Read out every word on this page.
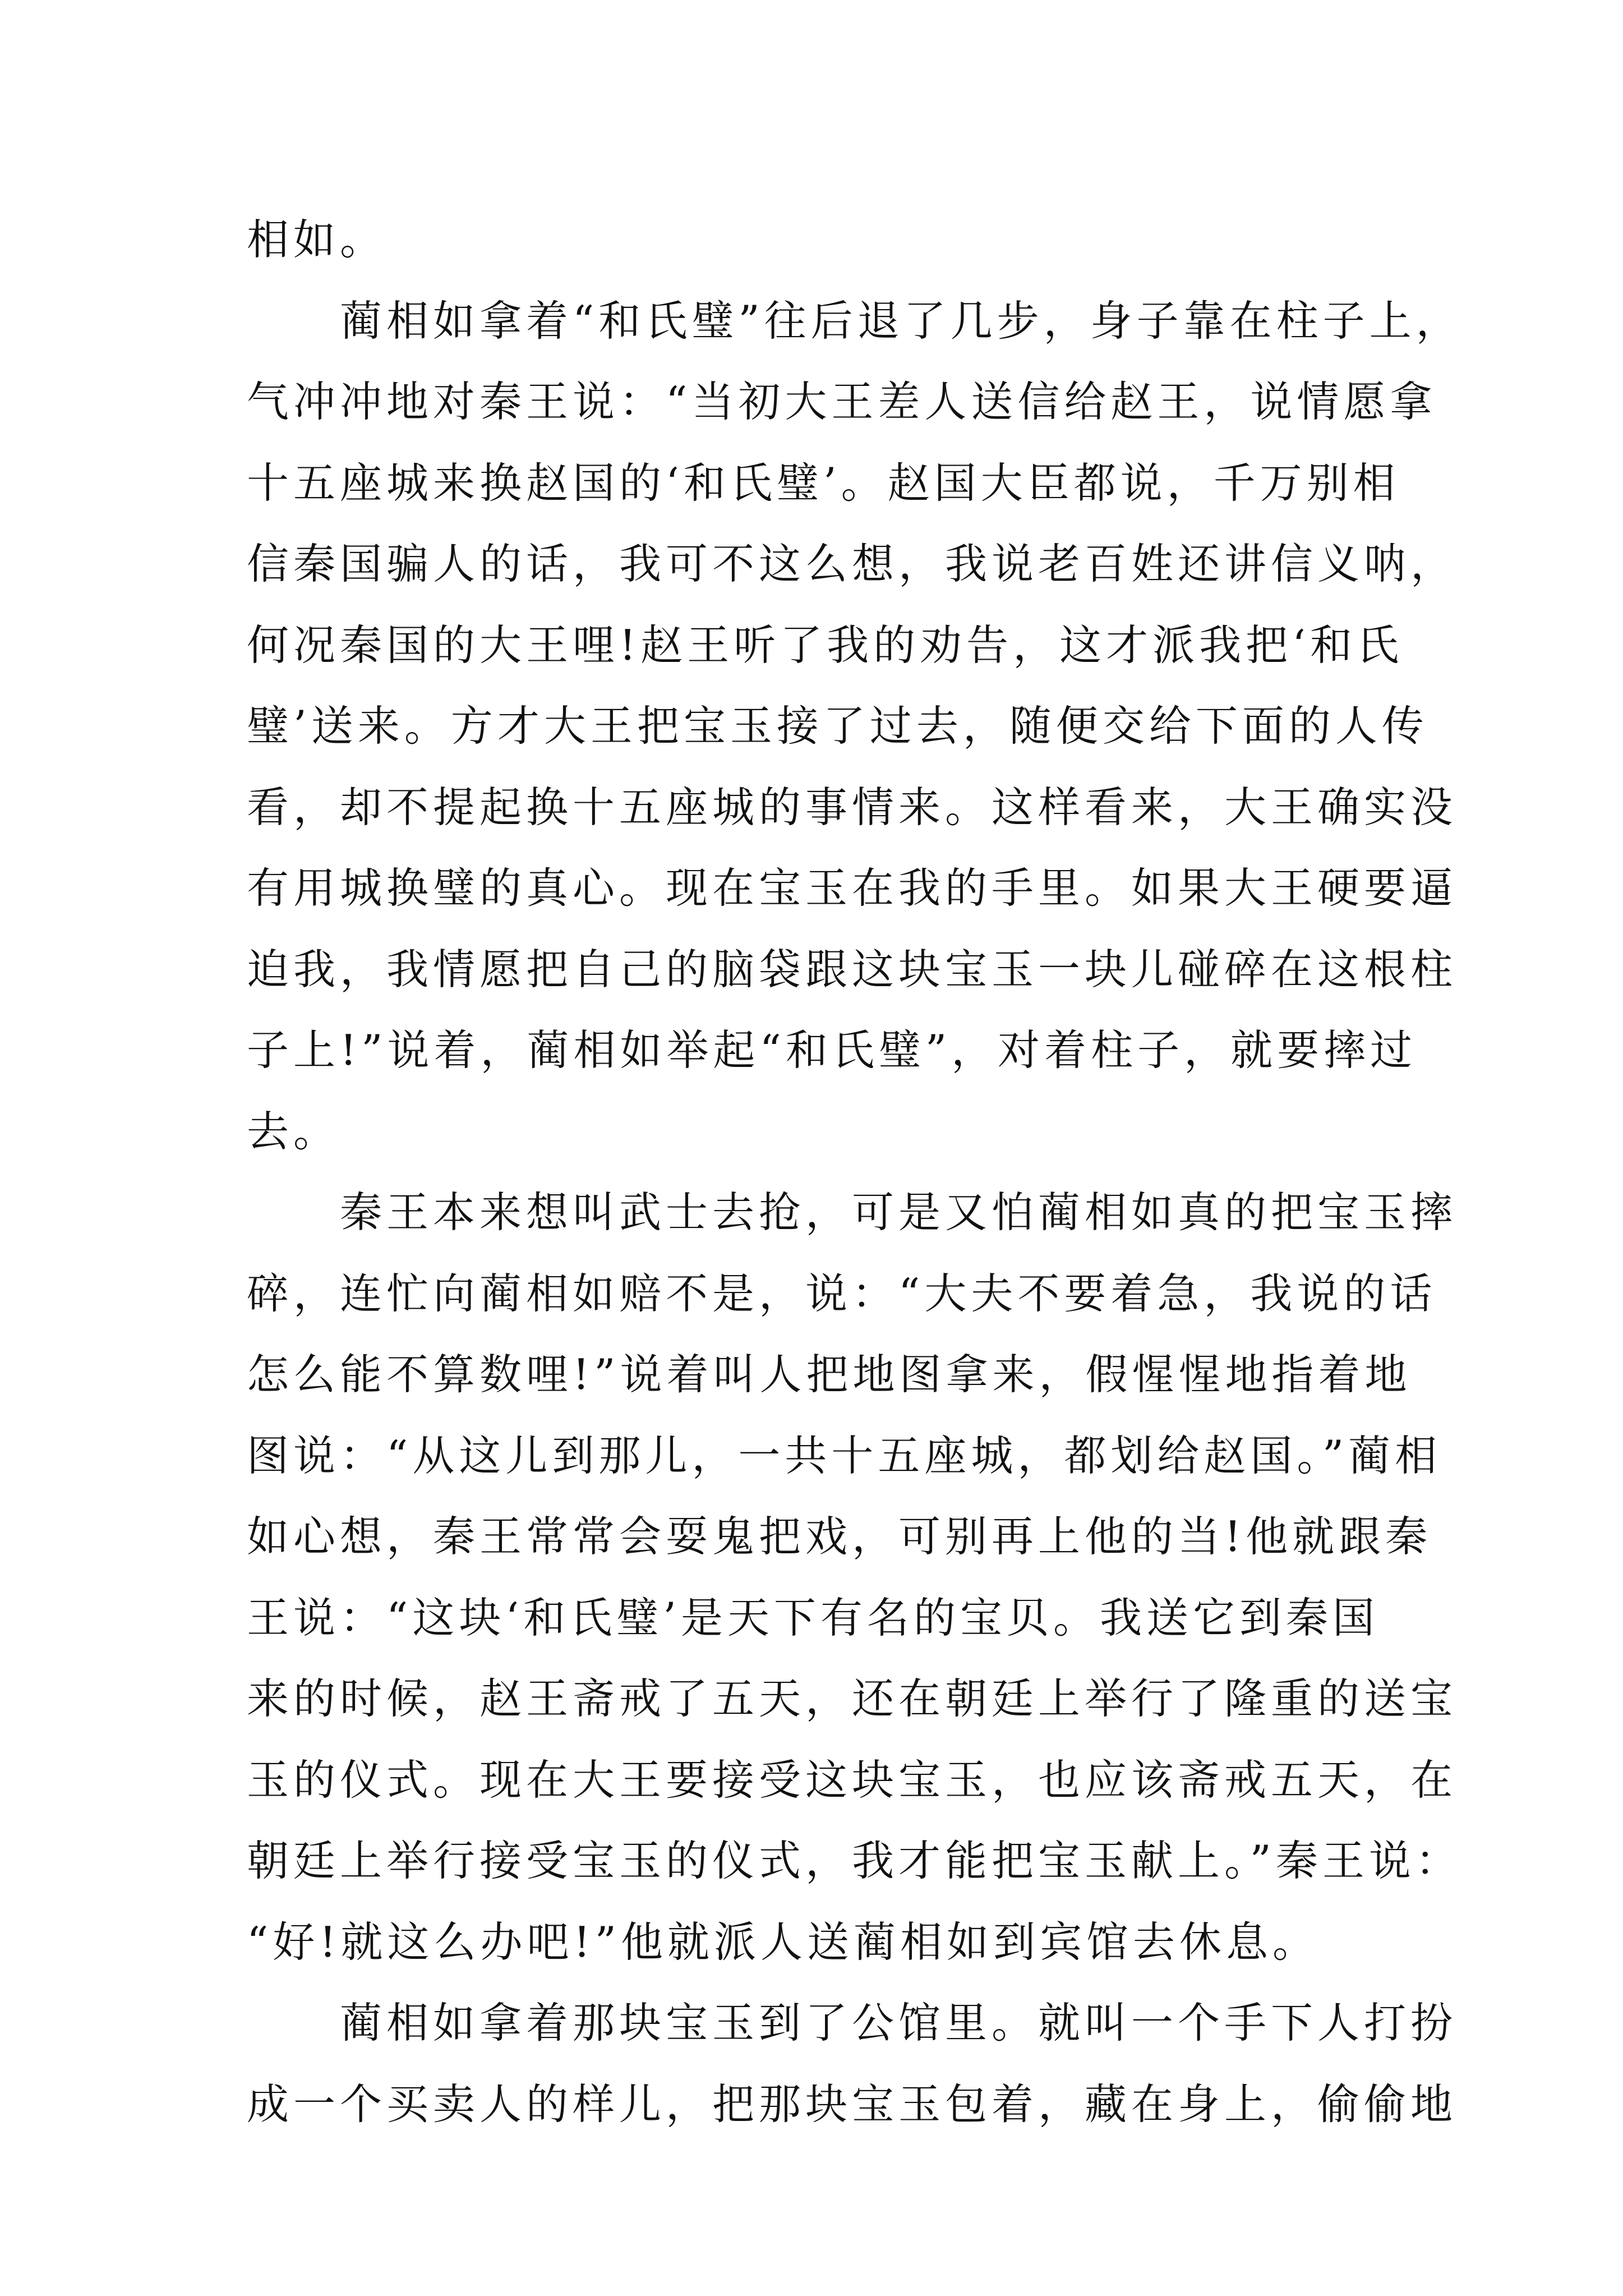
相如。
蔺相如拿着“和氏璧”往后退了几步，身子靠在柱子上，
气冲冲地对秦王说：“当初大王差人送信给赵王，说情愿拿
十五座城来换赵国的‘和氏璧’。赵国大臣都说，千万别相
信秦国骗人的话，我可不这么想，我说老百姓还讲信义呐，
何况秦国的大王哩!赵王听了我的劝告，这才派我把‘和氏
璧’送来。方才大王把宝玉接了过去，随便交给下面的人传
看，却不提起换十五座城的事情来。这样看来，大王确实没
有用城换璧的真心。现在宝玉在我的手里。如果大王硬要逼
迫我，我情愿把自己的脑袋跟这块宝玉一块儿碰碎在这根柱
子上!”说着，蔺相如举起“和氏璧”，对着柱子，就要摔过
去。
秦王本来想叫武士去抢，可是又怕蔺相如真的把宝玉摔
碎，连忙向蔺相如赔不是，说：“大夫不要着急，我说的话
怎么能不算数哩!”说着叫人把地图拿来，假惺惺地指着地
图说：“从这儿到那儿，一共十五座城，都划给赵国。”蔺相
如心想，秦王常常会耍鬼把戏，可别再上他的当!他就跟秦
王说：“这块‘和氏璧’是天下有名的宝贝。我送它到秦国
来的时候，赵王斋戒了五天，还在朝廷上举行了隆重的送宝
玉的仪式。现在大王要接受这块宝玉，也应该斋戒五天，在
朝廷上举行接受宝玉的仪式，我才能把宝玉献上。”秦王说：
“好!就这么办吧!”他就派人送蔺相如到宾馆去休息。
蔺相如拿着那块宝玉到了公馆里。就叫一个手下人打扮
成一个买卖人的样儿，把那块宝玉包着，藏在身上，偷偷地
